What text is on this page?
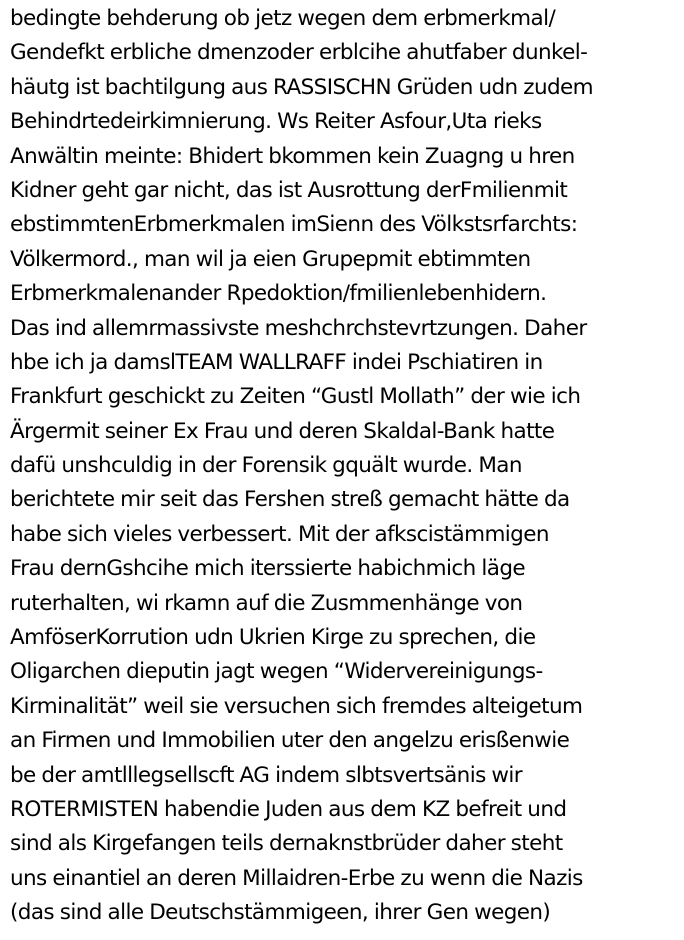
bedingte behderung ob jetz wegen dem erbmerkmal/
Gendefkt erbliche dmenzoder erblcihe ahutfaber dunkel-
häutg ist bachtilgung aus RASSISCHN Grüden udn zudem
Behindrtedeirkimnierung. Ws Reiter Asfour,Uta rieks
Anwältin meinte: Bhidert bkommen kein Zuagng u hren
Kidner geht gar nicht, das ist Ausrottung derFmilienmit
ebstimmtenErbmerkmalen imSienn des Völkstsrfarchts:
Völkermord., man wil ja eien Grupepmit ebtimmten
Erbmerkmalenander Rpedoktion/fmilienlebenhidern.
Das ind allemrmassivste meshchrchstevrtzungen. Daher
hbe ich ja damslTEAM WALLRAFF indei Pschiatiren in
Frankfurt geschickt zu Zeiten “Gustl Mollath” der wie ich
Ärgermit seiner Ex Frau und deren Skaldal-Bank hatte
dafü unshculdig in der Forensik gquält wurde. Man
berichtete mir seit das Fershen streß gemacht hätte da
habe sich vieles verbessert. Mit der afkscistämmigen
Frau dernGshcihe mich iterssierte habichmich läge
ruterhalten, wi rkamn auf die Zusmmenhänge von
AmföserKorrution udn Ukrien Kirge zu sprechen, die
Oligarchen dieputin jagt wegen “Widervereinigungs-
Kirminalität” weil sie versuchen sich fremdes alteigetum
an Firmen und Immobilien uter den angelzu erisßenwie
be der amtlllegsellscft AG indem slbtsvertsänis wir
ROTERMISTEN habendie Juden aus dem KZ befreit und
sind als Kirgefangen teils dernaknstbrüder daher steht
uns einantiel an deren Millaidren-Erbe zu wenn die Nazis
(das sind alle Deutschstämmigeen, ihrer Gen wegen)
